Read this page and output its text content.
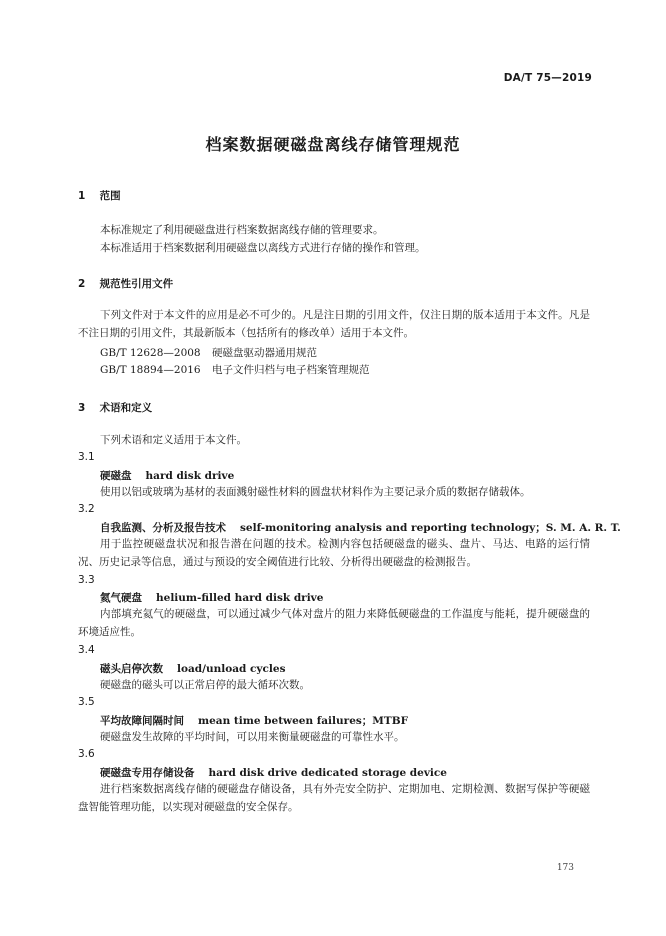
DA/T 75—2019
档案数据硬磁盘离线存储管理规范
1 范围
本标准规定了利用硬磁盘进行档案数据离线存储的管理要求。
本标准适用于档案数据利用硬磁盘以离线方式进行存储的操作和管理。
2 规范性引用文件
下列文件对于本文件的应用是必不可少的。凡是注日期的引用文件，仅注日期的版本适用于本文件。凡是不注日期的引用文件，其最新版本（包括所有的修改单）适用于本文件。
GB/T 12628—2008 硬磁盘驱动器通用规范
GB/T 18894—2016 电子文件归档与电子档案管理规范
3 术语和定义
下列术语和定义适用于本文件。
3.1
硬磁盘 hard disk drive
使用以铝或玻璃为基材的表面溅射磁性材料的圆盘状材料作为主要记录介质的数据存储载体。
3.2
自我监测、分析及报告技术 self-monitoring analysis and reporting technology；S. M. A. R. T.
用于监控硬磁盘状况和报告潜在问题的技术。检测内容包括硬磁盘的磁头、盘片、马达、电路的运行情况、历史记录等信息，通过与预设的安全阈值进行比较、分析得出硬磁盘的检测报告。
3.3
氦气硬盘 helium-filled hard disk drive
内部填充氦气的硬磁盘，可以通过减少气体对盘片的阻力来降低硬磁盘的工作温度与能耗，提升硬磁盘的环境适应性。
3.4
磁头启停次数 load/unload cycles
硬磁盘的磁头可以正常启停的最大循环次数。
3.5
平均故障间隔时间 mean time between failures；MTBF
硬磁盘发生故障的平均时间，可以用来衡量硬磁盘的可靠性水平。
3.6
硬磁盘专用存储设备 hard disk drive dedicated storage device
进行档案数据离线存储的硬磁盘存储设备，具有外壳安全防护、定期加电、定期检测、数据写保护等硬磁盘智能管理功能，以实现对硬磁盘的安全保存。
173
